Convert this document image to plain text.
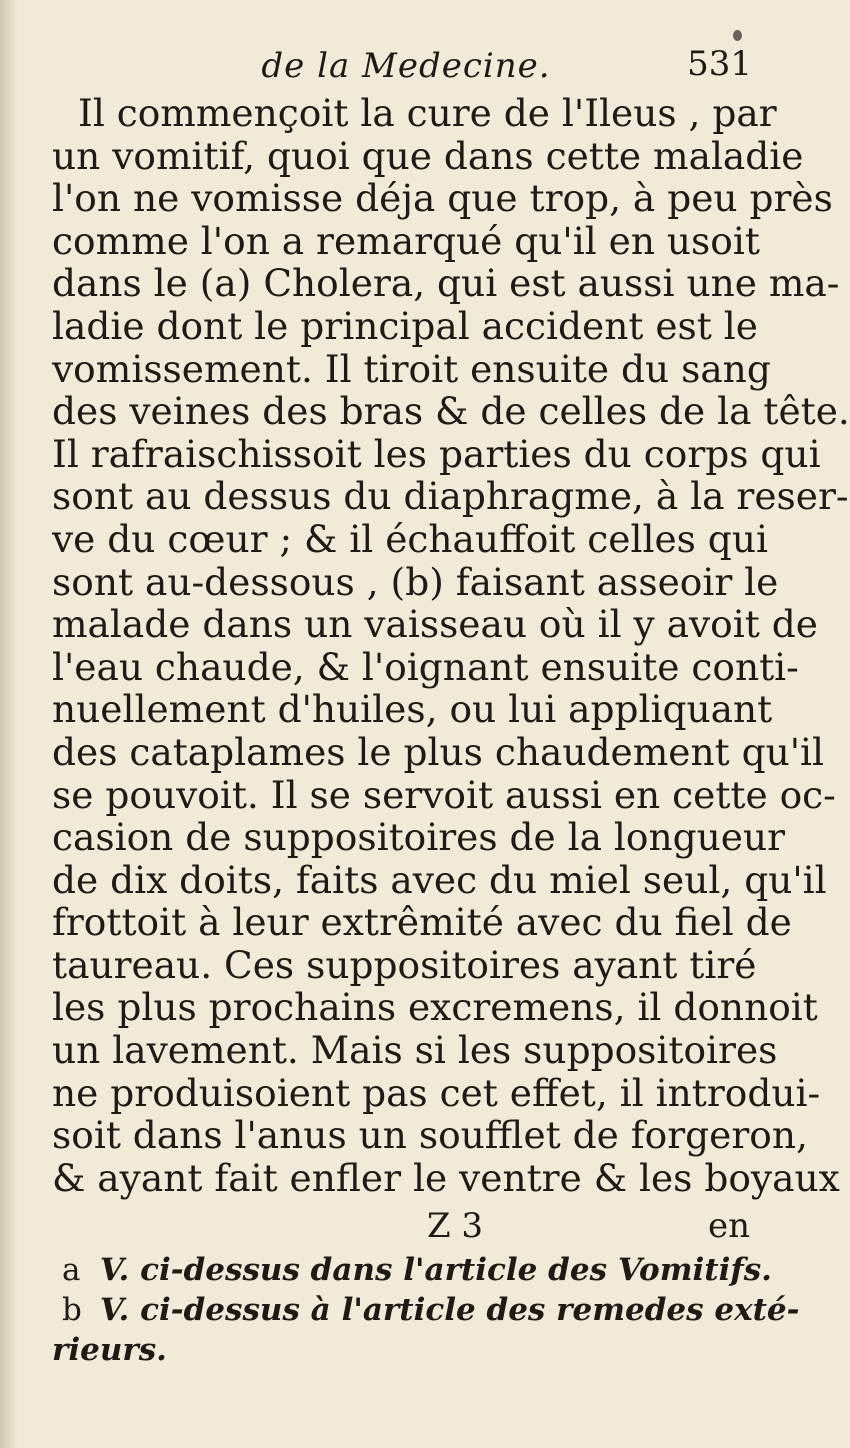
de la Medecine.	531
Il commençoit la cure de l'Ileus , par
un vomitif, quoi que dans cette maladie
l'on ne vomisse déja que trop, à peu près
comme l'on a remarqué qu'il en usoit
dans le (a) Cholera, qui est aussi une ma-
ladie dont le principal accident est le
vomissement. Il tiroit ensuite du sang
des veines des bras & de celles de la tête.
Il rafraischissoit les parties du corps qui
sont au dessus du diaphragme, à la reser-
ve du cœur ; & il échauffoit celles qui
sont au-dessous , (b) faisant asseoir le
malade dans un vaisseau où il y avoit de
l'eau chaude, & l'oignant ensuite conti-
nuellement d'huiles, ou lui appliquant
des cataplames le plus chaudement qu'il
se pouvoit. Il se servoit aussi en cette oc-
casion de suppositoires de la longueur
de dix doits, faits avec du miel seul, qu'il
frottoit à leur extrêmité avec du fiel de
taureau. Ces suppositoires ayant tiré
les plus prochains excremens, il donnoit
un lavement. Mais si les suppositoires
ne produisoient pas cet effet, il introdui-
soit dans l'anus un soufflet de forgeron,
& ayant fait enfler le ventre & les boyaux
Z 3	en
a V. ci-dessus dans l'article des Vomitifs.
b V. ci-dessus à l'article des remedes exté-
rieurs.
